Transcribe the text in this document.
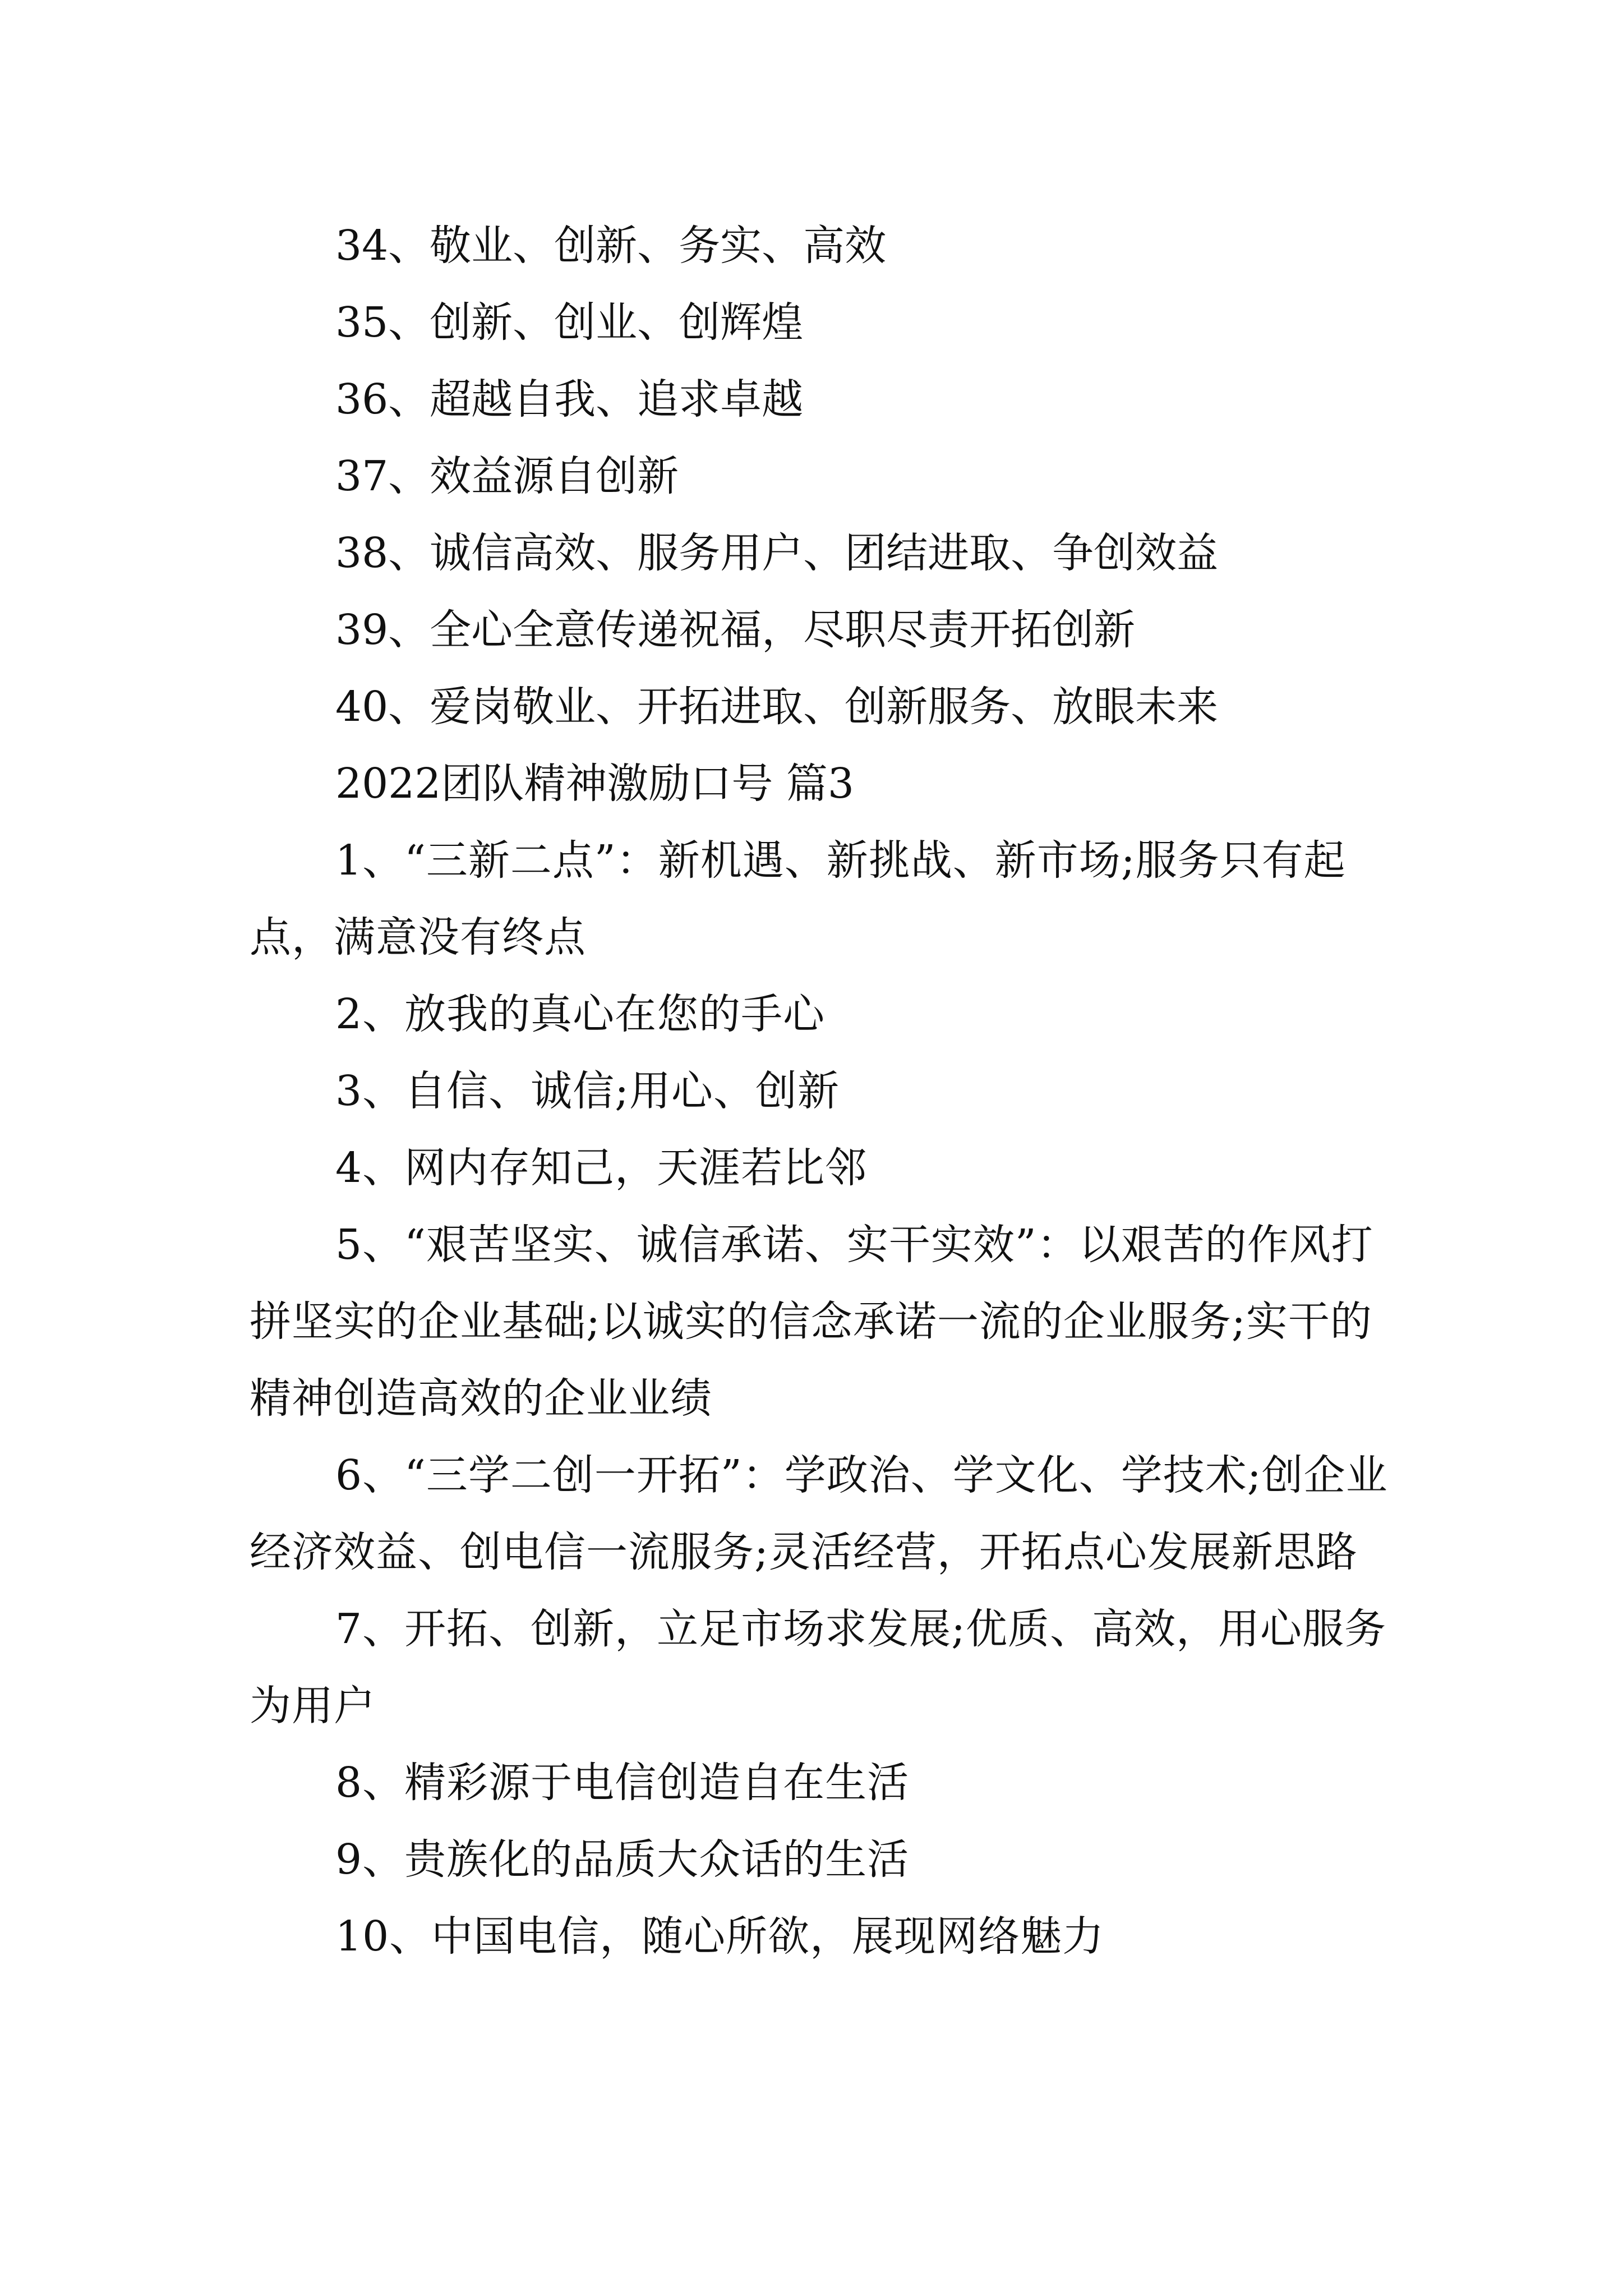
34、敬业、创新、务实、高效

35、创新、创业、创辉煌

36、超越自我、追求卓越

37、效益源自创新

38、诚信高效、服务用户、团结进取、争创效益

39、全心全意传递祝福，尽职尽责开拓创新

40、爱岗敬业、开拓进取、创新服务、放眼未来

2022团队精神激励口号 篇3

1、“三新二点”：新机遇、新挑战、新市场;服务只有起点，满意没有终点

2、放我的真心在您的手心

3、自信、诚信;用心、创新

4、网内存知己，天涯若比邻

5、“艰苦坚实、诚信承诺、实干实效”：以艰苦的作风打拼坚实的企业基础;以诚实的信念承诺一流的企业服务;实干的精神创造高效的企业业绩

6、“三学二创一开拓”：学政治、学文化、学技术;创企业经济效益、创电信一流服务;灵活经营，开拓点心发展新思路

7、开拓、创新，立足市场求发展;优质、高效，用心服务为用户

8、精彩源于电信创造自在生活

9、贵族化的品质大众话的生活

10、中国电信，随心所欲，展现网络魅力
